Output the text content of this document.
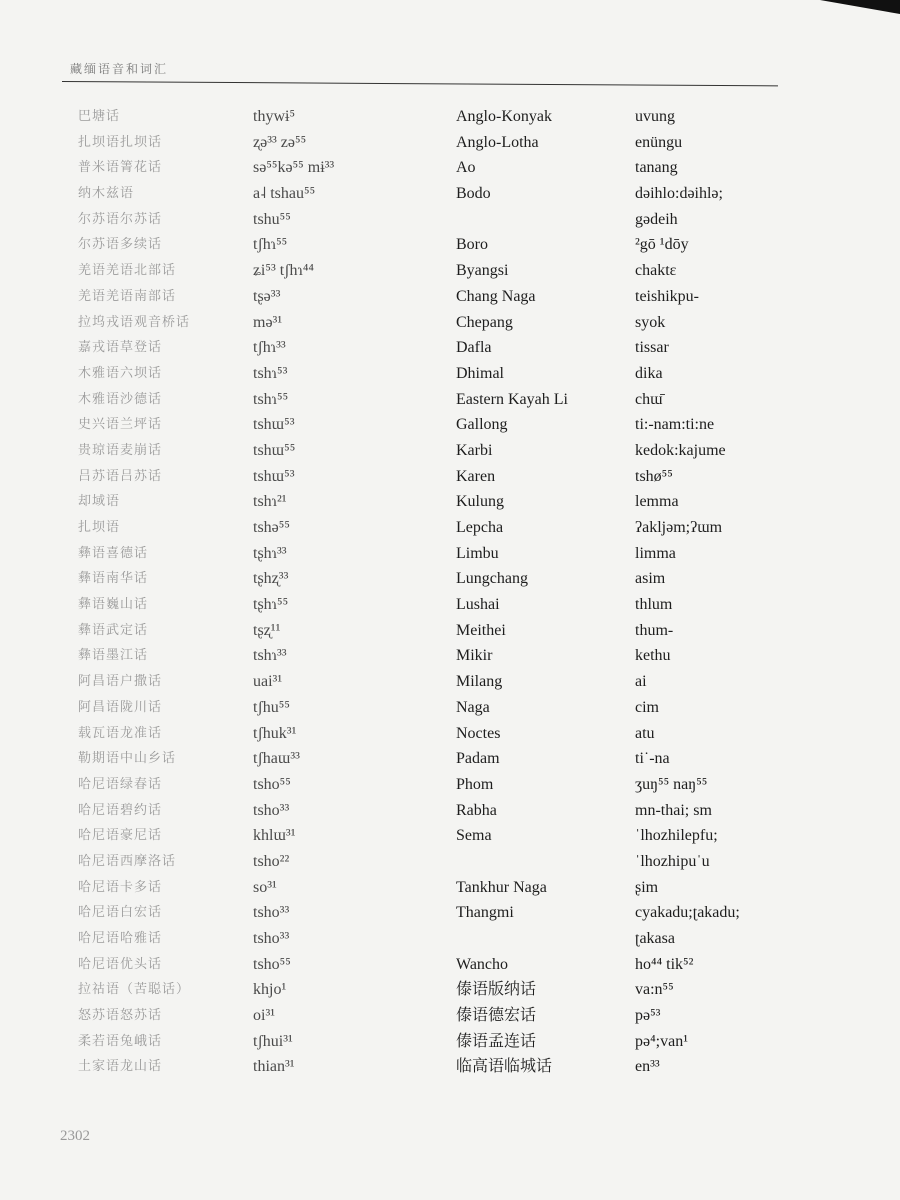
藏缅语音和词汇
巴塘话
扎坝语扎坝话
普米语箐花话
纳木兹语
尔苏语尔苏话
尔苏语多续话
羌语羌语北部话
羌语羌语南部话
拉坞戎语观音桥话
嘉戎语草登话
木雅语六坝话
木雅语沙德话
史兴语兰坪话
贵琼语麦崩话
吕苏语吕苏话
却域语
扎坝语
彝语喜德话
彝语南华话
彝语巍山话
彝语武定话
彝语墨江话
阿昌语户撒话
阿昌语陇川话
载瓦语龙准话
勒期语中山乡话
哈尼语绿春话
哈尼语碧约话
哈尼语豪尼话
哈尼语西摩洛话
哈尼语卡多话
哈尼语白宏话
哈尼语哈雅话
哈尼语优头话
拉祜语（苦聪话）
怒苏语怒苏话
柔若语兔峨话
土家语龙山话
thywɨ⁵
ʐə³³ zə⁵⁵
sə⁵⁵kə⁵⁵ mɨ³³
a˨ tshau⁵⁵
tshu⁵⁵
tʃhɿ⁵⁵
ʑi⁵³ tʃhɿ⁴⁴
tʂə³³
mə³¹
tʃhɿ³³
tshɿ⁵³
tshɿ⁵⁵
tshɯ⁵³
tshɯ⁵⁵
tshɯ⁵³
tshɿ²¹
tshə⁵⁵
tʂhɿ³³
tʂhʐ³³
tʂhɿ⁵⁵
tʂʐ¹¹
tshɿ³³
uai³¹
tʃhu⁵⁵
tʃhuk³¹
tʃhaɯ³³
tsho⁵⁵
tsho³³
khlɯ³¹
tsho²²
so³¹
tsho³³
tsho³³
tsho⁵⁵
khjo¹
oi³¹
tʃhui³¹
thian³¹
Anglo-Konyak
Anglo-Lotha
Ao
Bodo
Boro
Byangsi
Chang Naga
Chepang
Dafla
Dhimal
Eastern Kayah Li
Gallong
Karbi
Karen
Kulung
Lepcha
Limbu
Lungchang
Lushai
Meithei
Mikir
Milang
Naga
Noctes
Padam
Phom
Rabha
Sema
Tankhur Naga
Thangmi
Wancho
傣语版纳话
傣语德宏话
傣语孟连话
临高语临城话
uvung
enüngu
tanang
dəihlo:dəihlə;
gədeih
²gō ¹dōy
chaktɛ
teishikpu-
syok
tissar
dika
chɯ̄
ti:-nam:ti:ne
kedok:kajume
tshø⁵⁵
lemma
ʔakljəm;ʔɯm
limma
asim
thlum
thum-
kethu
ai
cim
atu
ti˙-na
ʒuŋ⁵⁵ naŋ⁵⁵
mn-thai; sm
ˈlhozhilepfu;
ˈlhozhipuˈu
ʂim
cyakadu;ʈakadu;
ʈakasa
ho⁴⁴ tik⁵²
va:n⁵⁵
pə⁵³
pə⁴;van¹
en³³
2302
